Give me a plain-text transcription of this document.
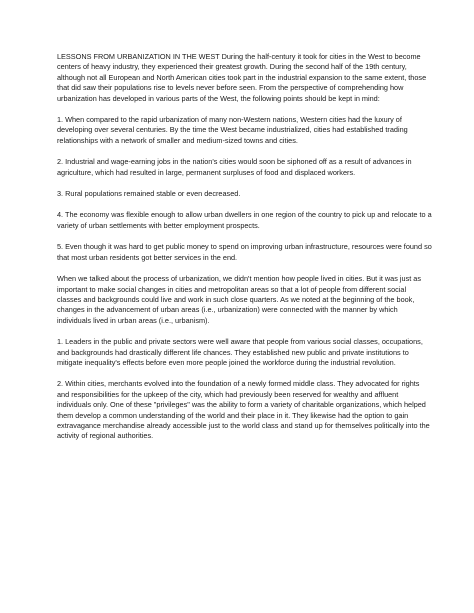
LESSONS FROM URBANIZATION IN THE WEST During the half-century it took for cities in the West to become centers of heavy industry, they experienced their greatest growth. During the second half of the 19th century, although not all European and North American cities took part in the industrial expansion to the same extent, those that did saw their populations rise to levels never before seen. From the perspective of comprehending how urbanization has developed in various parts of the West, the following points should be kept in mind:

1. When compared to the rapid urbanization of many non-Western nations, Western cities had the luxury of developing over several centuries. By the time the West became industrialized, cities had established trading relationships with a network of smaller and medium-sized towns and cities.

2. Industrial and wage-earning jobs in the nation's cities would soon be siphoned off as a result of advances in agriculture, which had resulted in large, permanent surpluses of food and displaced workers.

3. Rural populations remained stable or even decreased.

4. The economy was flexible enough to allow urban dwellers in one region of the country to pick up and relocate to a variety of urban settlements with better employment prospects.

5. Even though it was hard to get public money to spend on improving urban infrastructure, resources were found so that most urban residents got better services in the end.

When we talked about the process of urbanization, we didn't mention how people lived in cities. But it was just as important to make social changes in cities and metropolitan areas so that a lot of people from different social classes and backgrounds could live and work in such close quarters. As we noted at the beginning of the book, changes in the advancement of urban areas (i.e., urbanization) were connected with the manner by which individuals lived in urban areas (i.e., urbanism).

1. Leaders in the public and private sectors were well aware that people from various social classes, occupations, and backgrounds had drastically different life chances. They established new public and private institutions to mitigate inequality's effects before even more people joined the workforce during the industrial revolution.

2. Within cities, merchants evolved into the foundation of a newly formed middle class. They advocated for rights and responsibilities for the upkeep of the city, which had previously been reserved for wealthy and affluent individuals only. One of these "privileges" was the ability to form a variety of charitable organizations, which helped them develop a common understanding of the world and their place in it. They likewise had the option to gain extravagance merchandise already accessible just to the world class and stand up for themselves politically into the activity of regional authorities.
